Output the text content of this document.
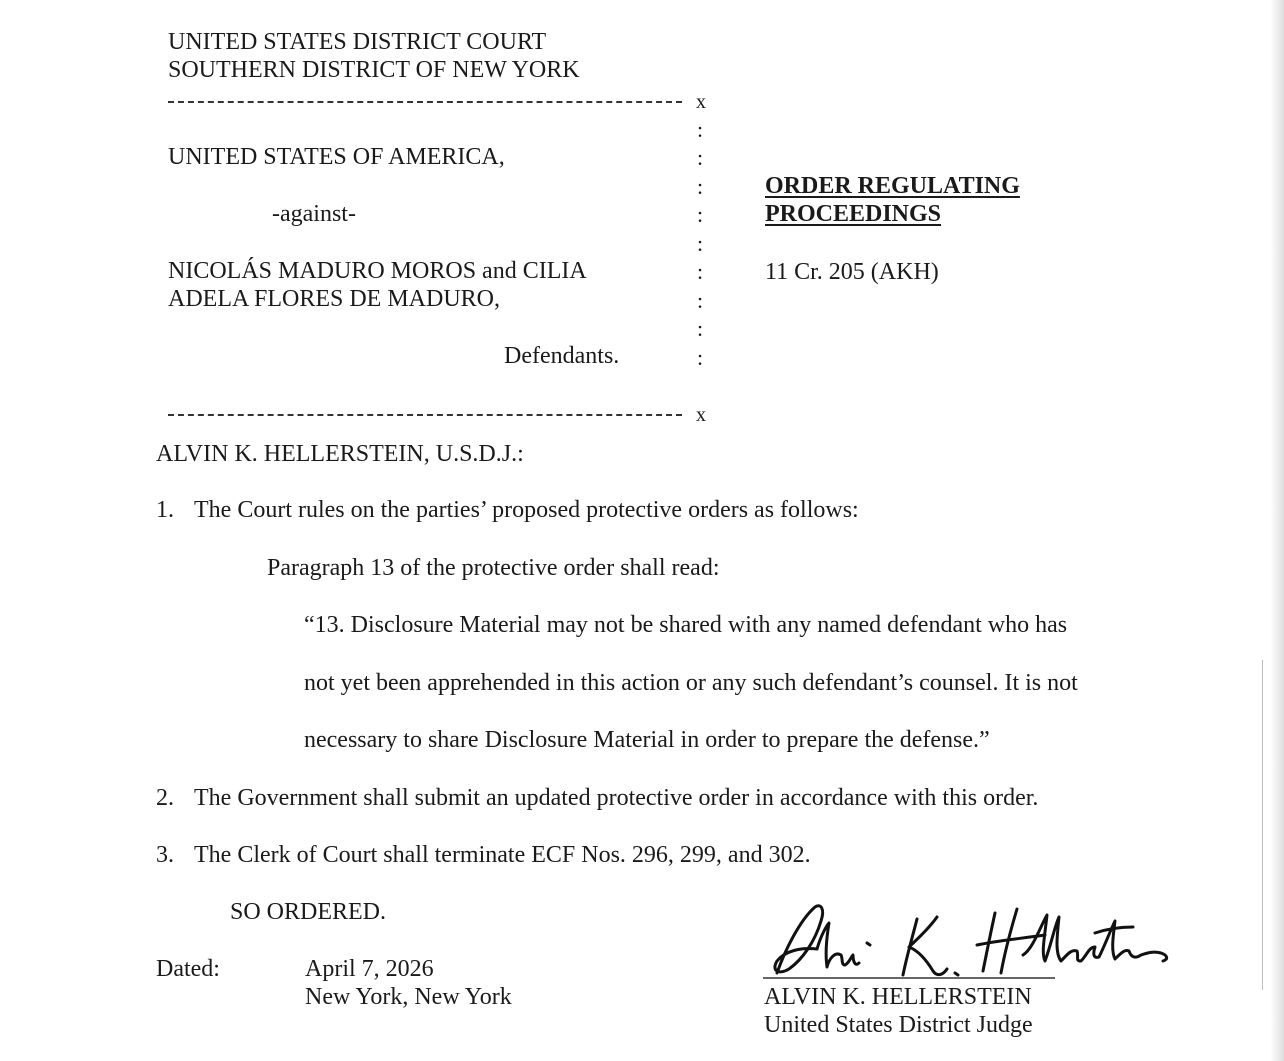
UNITED STATES DISTRICT COURT
SOUTHERN DISTRICT OF NEW YORK
x
:
:
:
:
:
:
:
:
:
UNITED STATES OF AMERICA,
-against-
NICOLÁS MADURO MOROS and CILIA
ADELA FLORES DE MADURO,
Defendants.
x
ORDER REGULATING
PROCEEDINGS
11 Cr. 205 (AKH)
ALVIN K. HELLERSTEIN, U.S.D.J.:
1. The Court rules on the parties’ proposed protective orders as follows:
Paragraph 13 of the protective order shall read:
“13. Disclosure Material may not be shared with any named defendant who has
not yet been apprehended in this action or any such defendant’s counsel. It is not
necessary to share Disclosure Material in order to prepare the defense.”
2. The Government shall submit an updated protective order in accordance with this order.
3. The Clerk of Court shall terminate ECF Nos. 296, 299, and 302.
SO ORDERED.
Dated:	April 7, 2026
New York, New York	ALVIN K. HELLERSTEIN
United States District Judge
